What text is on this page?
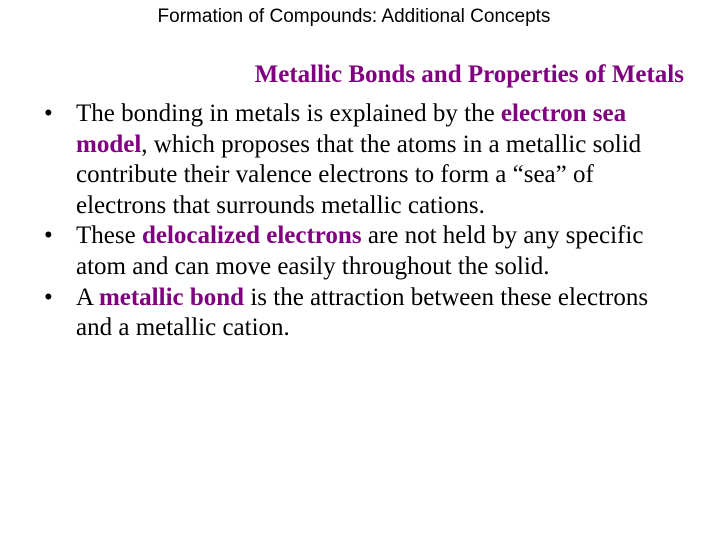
Formation of Compounds: Additional Concepts
Metallic Bonds and Properties of Metals
• The bonding in metals is explained by the electron sea model, which proposes that the atoms in a metallic solid contribute their valence electrons to form a “sea” of electrons that surrounds metallic cations.
• These delocalized electrons are not held by any specific atom and can move easily throughout the solid.
• A metallic bond is the attraction between these electrons and a metallic cation.
